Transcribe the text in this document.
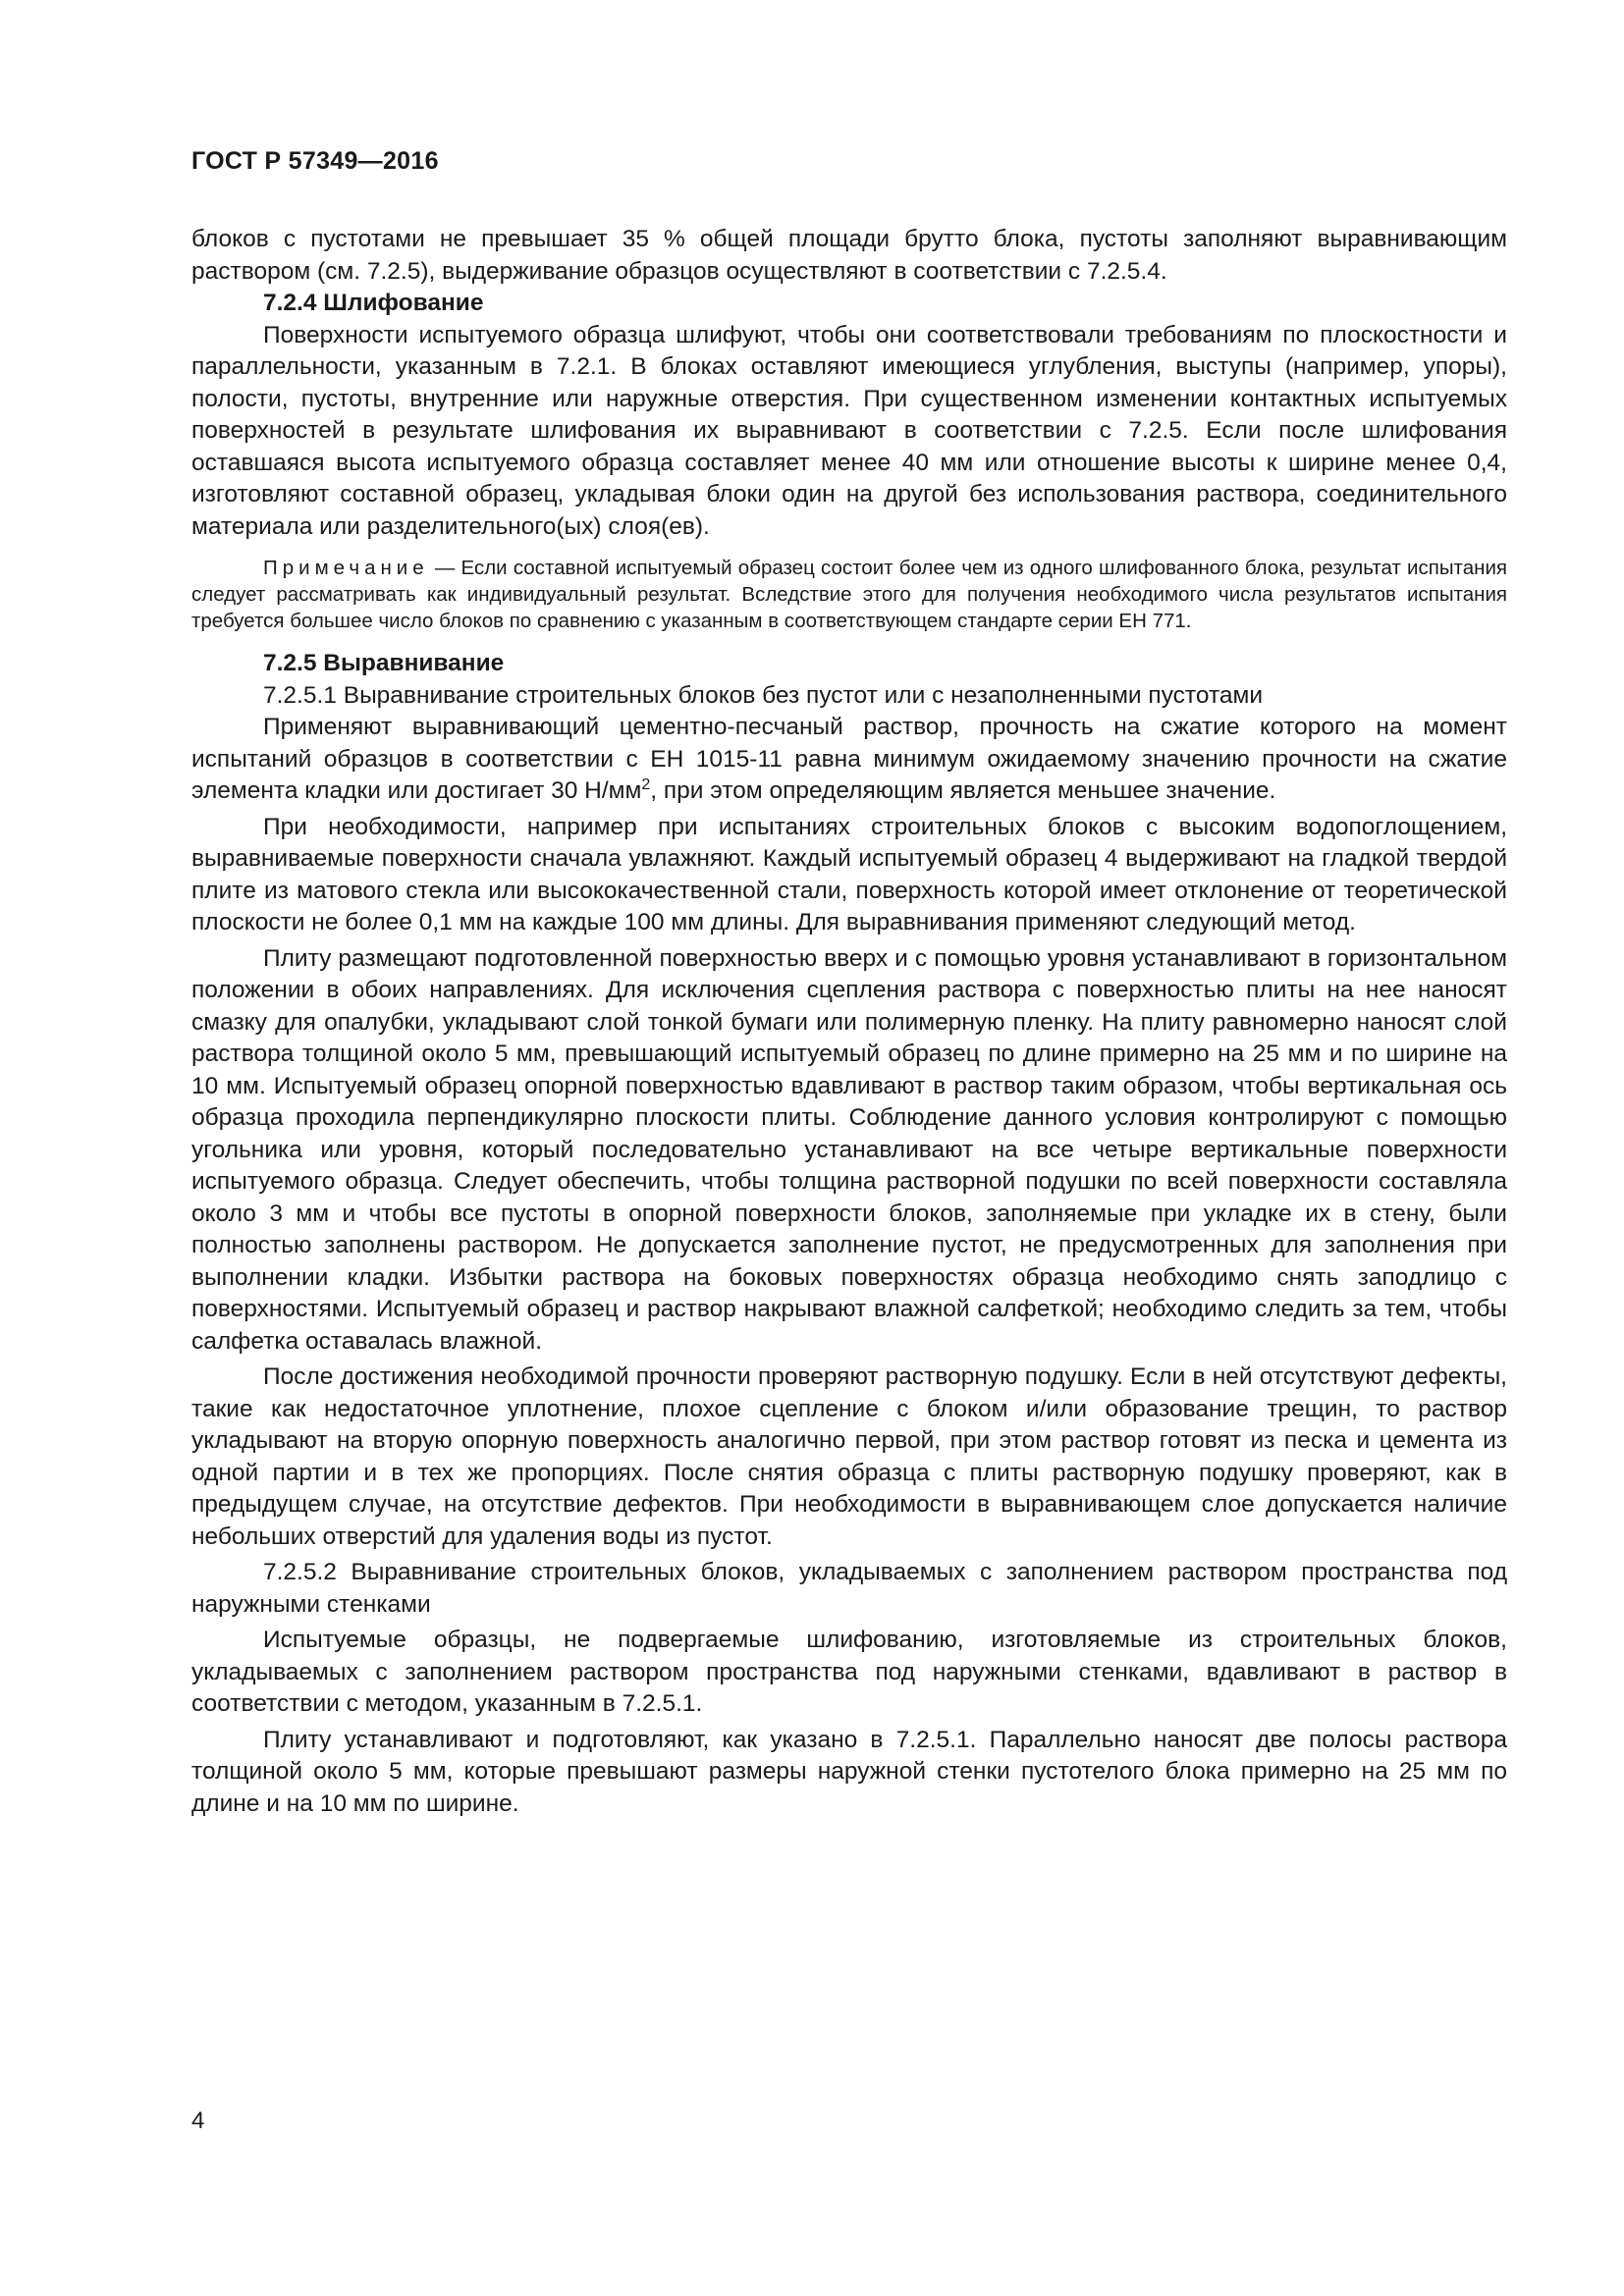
ГОСТ Р 57349—2016

блоков с пустотами не превышает 35 % общей площади брутто блока, пустоты заполняют выравнивающим раствором (см. 7.2.5), выдерживание образцов осуществляют в соответствии с 7.2.5.4.

7.2.4 Шлифование

Поверхности испытуемого образца шлифуют, чтобы они соответствовали требованиям по плоскостности и параллельности, указанным в 7.2.1. В блоках оставляют имеющиеся углубления, выступы (например, упоры), полости, пустоты, внутренние или наружные отверстия. При существенном изменении контактных испытуемых поверхностей в результате шлифования их выравнивают в соответствии с 7.2.5. Если после шлифования оставшаяся высота испытуемого образца составляет менее 40 мм или отношение высоты к ширине менее 0,4, изготовляют составной образец, укладывая блоки один на другой без использования раствора, соединительного материала или разделительного(ых) слоя(ев).

Примечание — Если составной испытуемый образец состоит более чем из одного шлифованного блока, результат испытания следует рассматривать как индивидуальный результат. Вследствие этого для получения необходимого числа результатов испытания требуется большее число блоков по сравнению с указанным в соответствующем стандарте серии ЕН 771.

7.2.5 Выравнивание

7.2.5.1 Выравнивание строительных блоков без пустот или с незаполненными пустотами

Применяют выравнивающий цементно-песчаный раствор, прочность на сжатие которого на момент испытаний образцов в соответствии с ЕН 1015-11 равна минимум ожидаемому значению прочности на сжатие элемента кладки или достигает 30 $Н/мм^2$, при этом определяющим является меньшее значение.

При необходимости, например при испытаниях строительных блоков с высоким водопоглощением, выравниваемые поверхности сначала увлажняют. Каждый испытуемый образец 4 выдерживают на гладкой твердой плите из матового стекла или высококачественной стали, поверхность которой имеет отклонение от теоретической плоскости не более 0,1 мм на каждые 100 мм длины. Для выравнивания применяют следующий метод.

Плиту размещают подготовленной поверхностью вверх и с помощью уровня устанавливают в горизонтальном положении в обоих направлениях. Для исключения сцепления раствора с поверхностью плиты на нее наносят смазку для опалубки, укладывают слой тонкой бумаги или полимерную пленку. На плиту равномерно наносят слой раствора толщиной около 5 мм, превышающий испытуемый образец по длине примерно на 25 мм и по ширине на 10 мм. Испытуемый образец опорной поверхностью вдавливают в раствор таким образом, чтобы вертикальная ось образца проходила перпендикулярно плоскости плиты. Соблюдение данного условия контролируют с помощью угольника или уровня, который последовательно устанавливают на все четыре вертикальные поверхности испытуемого образца. Следует обеспечить, чтобы толщина растворной подушки по всей поверхности составляла около 3 мм и чтобы все пустоты в опорной поверхности блоков, заполняемые при укладке их в стену, были полностью заполнены раствором. Не допускается заполнение пустот, не предусмотренных для заполнения при выполнении кладки. Избытки раствора на боковых поверхностях образца необходимо снять заподлицо с поверхностями. Испытуемый образец и раствор накрывают влажной салфеткой; необходимо следить за тем, чтобы салфетка оставалась влажной.

После достижения необходимой прочности проверяют растворную подушку. Если в ней отсутствуют дефекты, такие как недостаточное уплотнение, плохое сцепление с блоком и/или образование трещин, то раствор укладывают на вторую опорную поверхность аналогично первой, при этом раствор готовят из песка и цемента из одной партии и в тех же пропорциях. После снятия образца с плиты растворную подушку проверяют, как в предыдущем случае, на отсутствие дефектов. При необходимости в выравнивающем слое допускается наличие небольших отверстий для удаления воды из пустот.

7.2.5.2 Выравнивание строительных блоков, укладываемых с заполнением раствором пространства под наружными стенками

Испытуемые образцы, не подвергаемые шлифованию, изготовляемые из строительных блоков, укладываемых с заполнением раствором пространства под наружными стенками, вдавливают в раствор в соответствии с методом, указанным в 7.2.5.1.

Плиту устанавливают и подготовляют, как указано в 7.2.5.1. Параллельно наносят две полосы раствора толщиной около 5 мм, которые превышают размеры наружной стенки пустотелого блока примерно на 25 мм по длине и на 10 мм по ширине.

4
